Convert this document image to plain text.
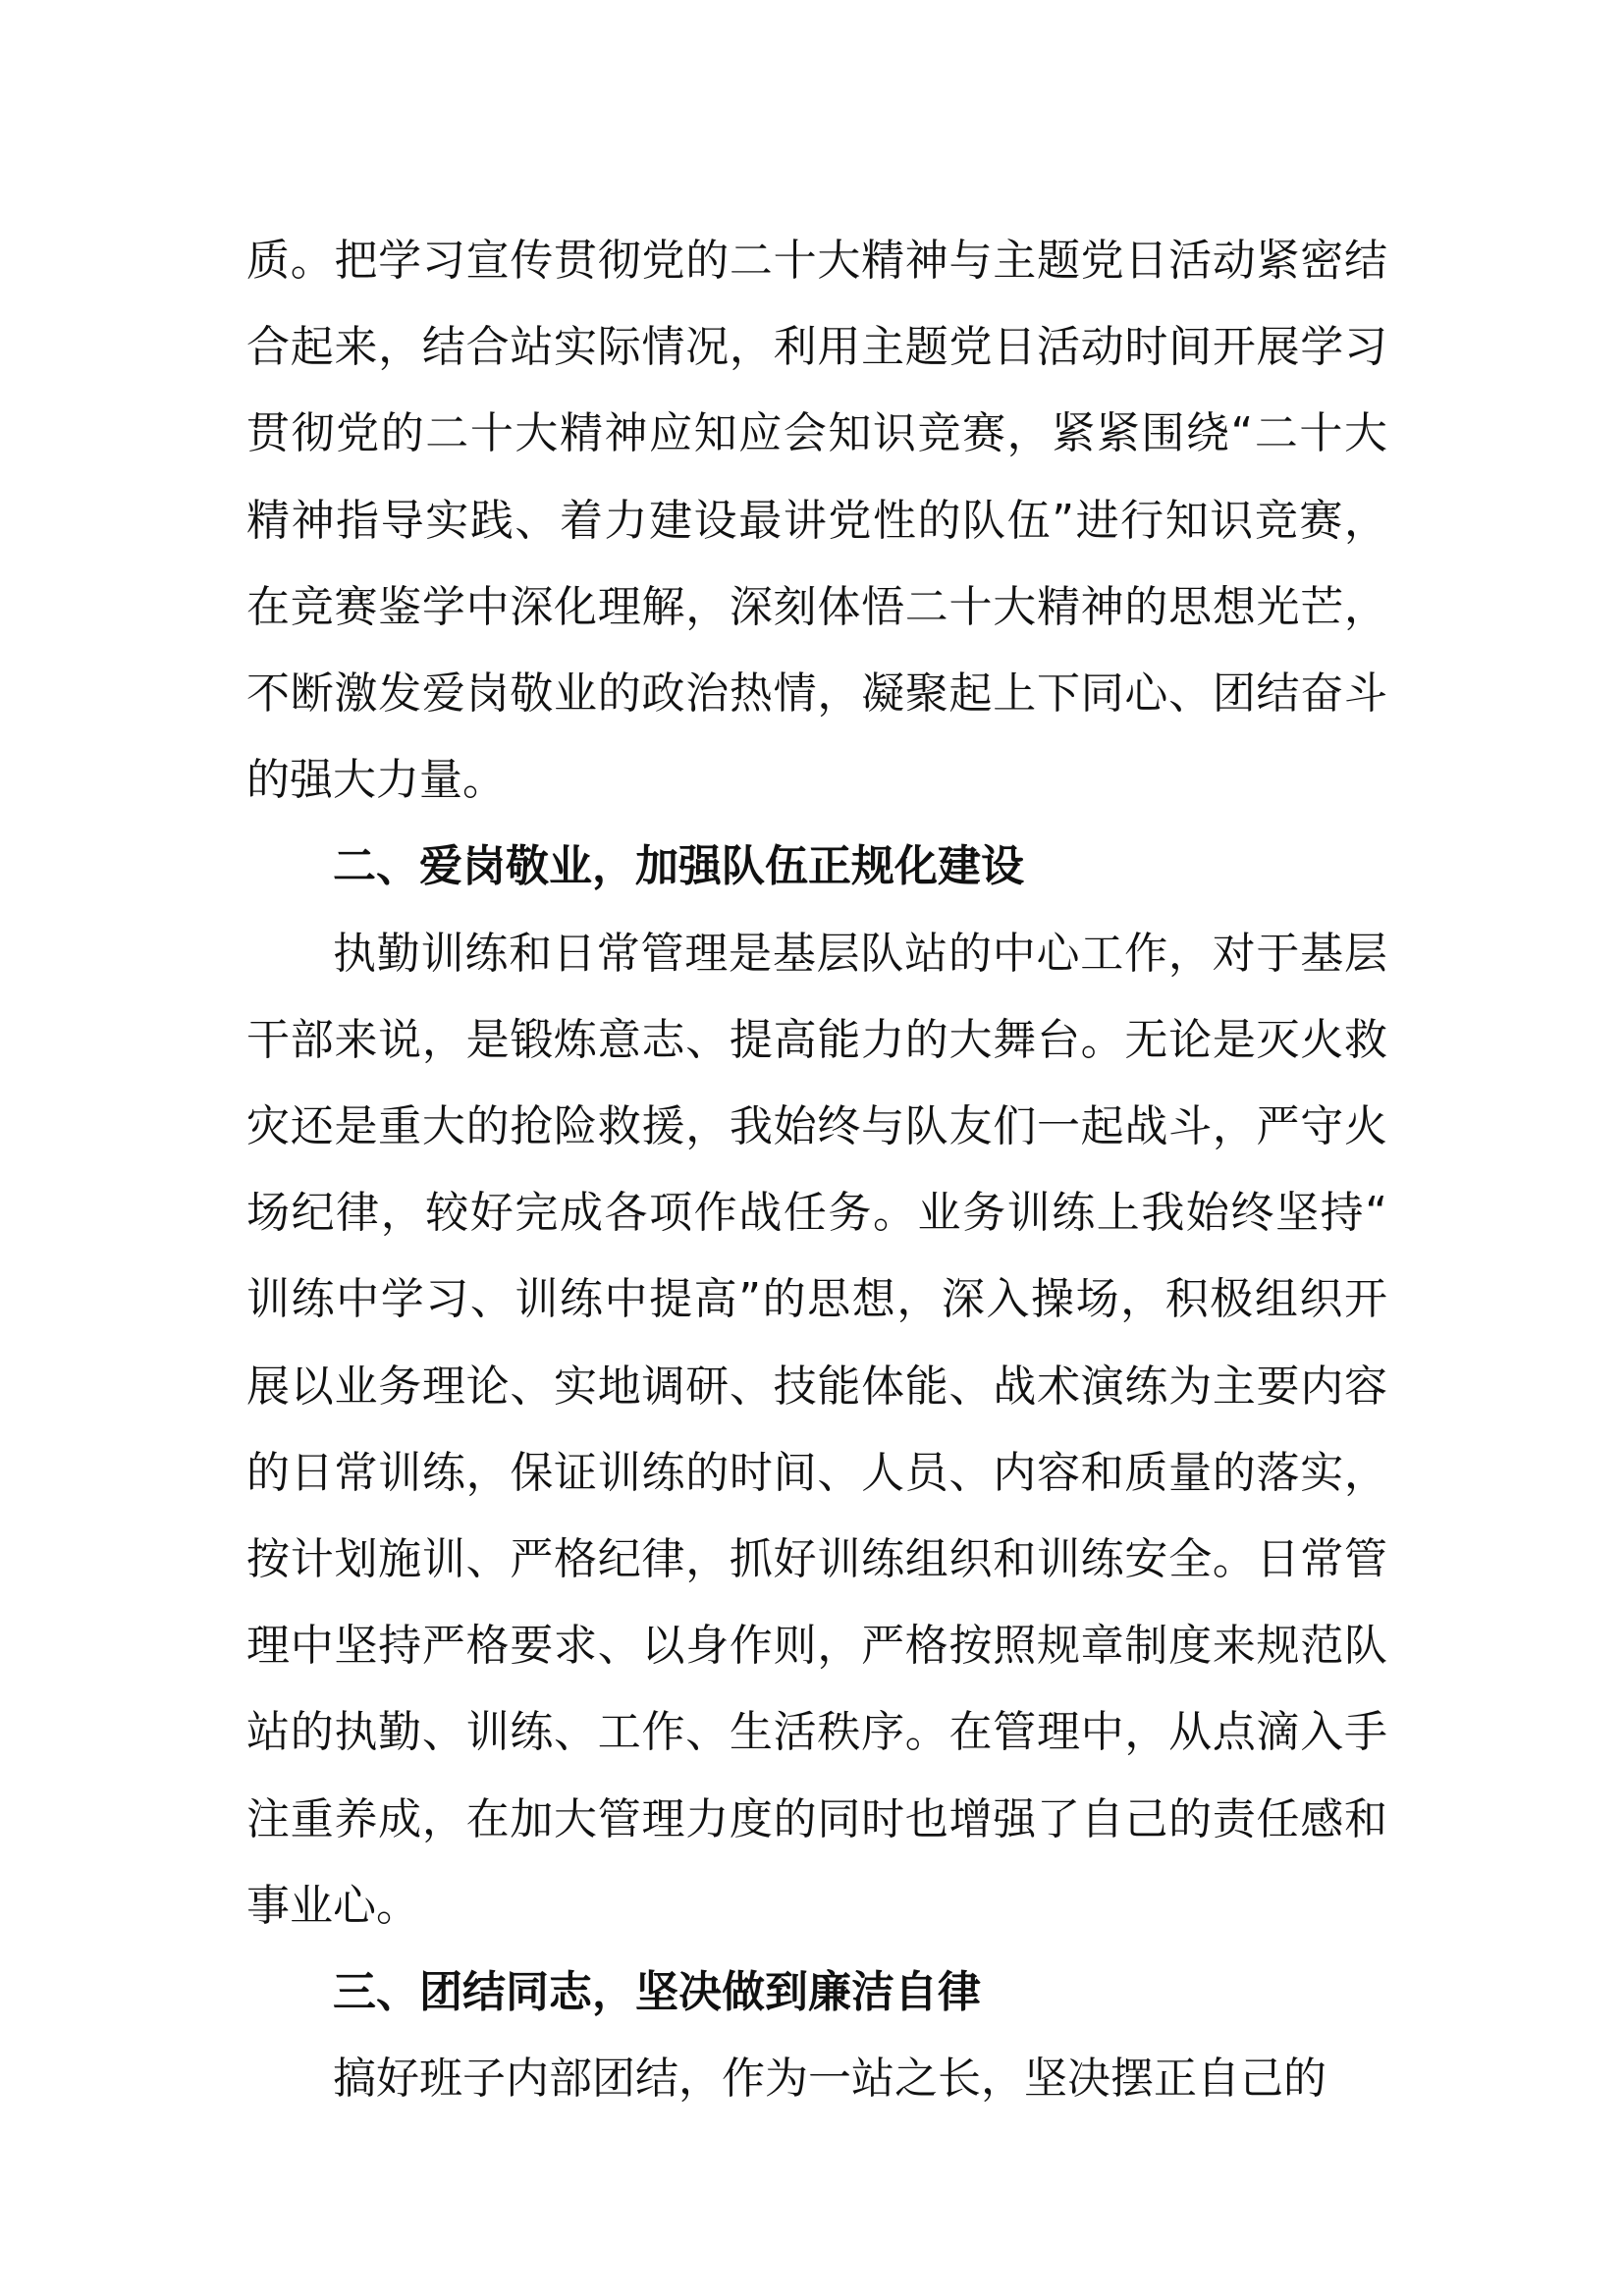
质。把学习宣传贯彻党的二十大精神与主题党日活动紧密结合起来，结合站实际情况，利用主题党日活动时间开展学习贯彻党的二十大精神应知应会知识竞赛，紧紧围绕“二十大精神指导实践、着力建设最讲党性的队伍”进行知识竞赛，在竞赛鉴学中深化理解，深刻体悟二十大精神的思想光芒，不断激发爱岗敬业的政治热情，凝聚起上下同心、团结奋斗的强大力量。

二、爱岗敬业，加强队伍正规化建设

执勤训练和日常管理是基层队站的中心工作，对于基层干部来说，是锻炼意志、提高能力的大舞台。无论是灭火救灾还是重大的抢险救援，我始终与队友们一起战斗，严守火场纪律，较好完成各项作战任务。业务训练上我始终坚持“训练中学习、训练中提高”的思想，深入操场，积极组织开展以业务理论、实地调研、技能体能、战术演练为主要内容的日常训练，保证训练的时间、人员、内容和质量的落实，按计划施训、严格纪律，抓好训练组织和训练安全。日常管理中坚持严格要求、以身作则，严格按照规章制度来规范队站的执勤、训练、工作、生活秩序。在管理中，从点滴入手注重养成，在加大管理力度的同时也增强了自己的责任感和事业心。

三、团结同志，坚决做到廉洁自律

搞好班子内部团结，作为一站之长，坚决摆正自己的
